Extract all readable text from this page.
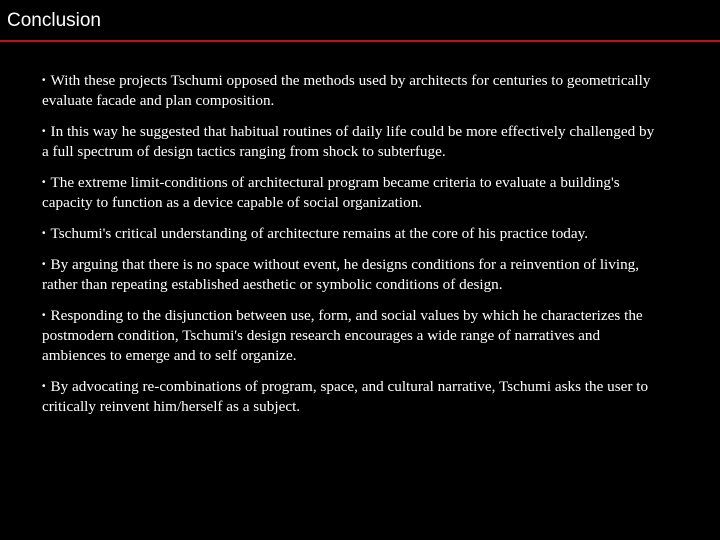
Conclusion
• With these projects Tschumi opposed the methods used by architects for centuries to geometrically evaluate facade and plan composition.
• In this way he suggested that habitual routines of daily life could be more effectively challenged by a full spectrum of design tactics ranging from shock to subterfuge.
• The extreme limit-conditions of architectural program became criteria to evaluate a building's capacity to function as a device capable of social organization.
• Tschumi's critical understanding of architecture remains at the core of his practice today.
• By arguing that there is no space without event, he designs conditions for a reinvention of living, rather than repeating established aesthetic or symbolic conditions of design.
• Responding to the disjunction between use, form, and social values by which he characterizes the postmodern condition, Tschumi's design research encourages a wide range of narratives and ambiences to emerge and to self organize.
• By advocating re-combinations of program, space, and cultural narrative, Tschumi asks the user to critically reinvent him/herself as a subject.
